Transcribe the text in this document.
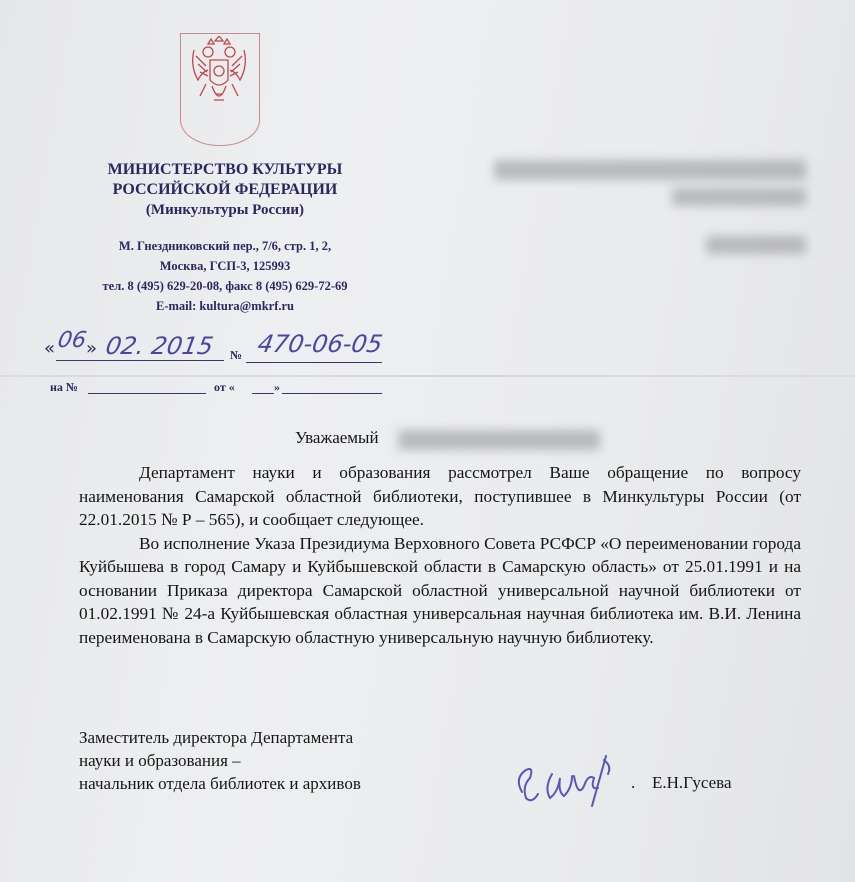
МИНИСТЕРСТВО КУЛЬТУРЫ
РОССИЙСКОЙ ФЕДЕРАЦИИ
(Минкультуры России)
М. Гнездниковский пер., 7/6, стр. 1, 2,
Москва, ГСП-3, 125993
тел. 8 (495) 629-20-08, факс 8 (495) 629-72-69
E-mail: kultura@mkrf.ru
« 06
» 02. 2015 № 470-06-05
на №	от «	»
Уважаемый

Департамент науки и образования рассмотрел Ваше обращение по вопросу наименования Самарской областной библиотеки, поступившее в Минкультуры России (от 22.01.2015 № Р – 565), и сообщает следующее.

Во исполнение Указа Президиума Верховного Совета РСФСР «О переименовании города Куйбышева в город Самару и Куйбышевской области в Самарскую область» от 25.01.1991 и на основании Приказа директора Самарской областной универсальной научной библиотеки от 01.02.1991 № 24-а Куйбышевская областная универсальная научная библиотека им. В.И. Ленина переименована в Самарскую областную универсальную научную библиотеку.

Заместитель директора Департамента
науки и образования –
начальник отдела библиотек и архивов	. Е.Н.Гусева
